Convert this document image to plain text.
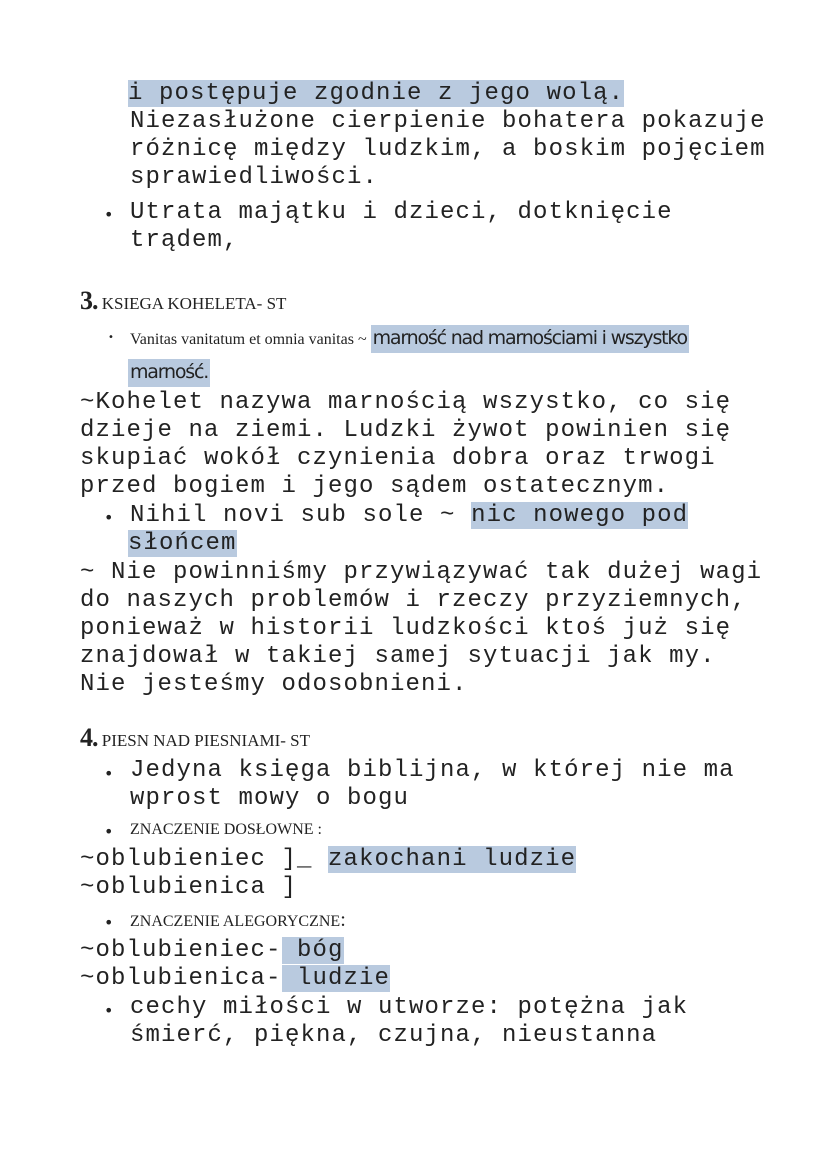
i postępuje zgodnie z jego wolą.
Niezasłużone cierpienie bohatera pokazuje
różnicę między ludzkim, a boskim pojęciem
sprawiedliwości.
• Utrata majątku i dzieci, dotknięcie
trądem,
3. KSIEGA KOHELETA- ST
• Vanitas vanitatum et omnia vanitas ~ marność nad marnościami i wszystko
marność.
~Kohelet nazywa marnością wszystko, co się
dzieje na ziemi. Ludzki żywot powinien się
skupiać wokół czynienia dobra oraz trwogi
przed bogiem i jego sądem ostatecznym.
• Nihil novi sub sole ~ nic nowego pod
słońcem
~ Nie powinniśmy przywiązywać tak dużej wagi
do naszych problemów i rzeczy przyziemnych,
ponieważ w historii ludzkości ktoś już się
znajdował w takiej samej sytuacji jak my.
Nie jesteśmy odosobnieni.
4. PIESN NAD PIESNIAMI- ST
• Jedyna księga biblijna, w której nie ma
wprost mowy o bogu
• ZNACZENIE DOSŁOWNE :
~oblubieniec ]_ zakochani ludzie
~oblubienica ]
• ZNACZENIE ALEGORYCZNE:
~oblubieniec- bóg
~oblubienica- ludzie
• cechy miłości w utworze: potężna jak
śmierć, piękna, czujna, nieustanna
